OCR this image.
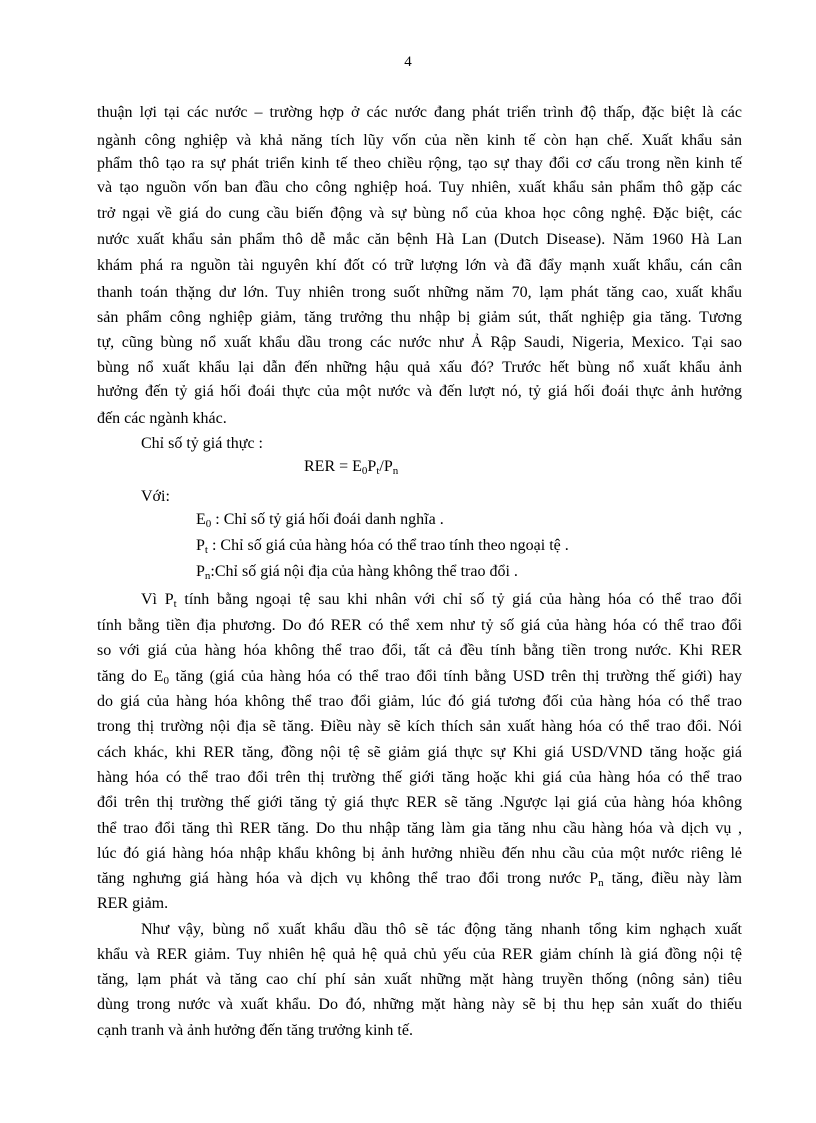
4
thuận lợi tại các nước – trường hợp ở các nước đang phát triển trình độ thấp, đặc biệt là các
ngành công nghiệp và khả năng tích lũy vốn của nền kinh tế còn hạn chế. Xuất khẩu sản
phẩm thô tạo ra sự phát triển kinh tế theo chiều rộng, tạo sự thay đổi cơ cấu trong nền kinh tế
và tạo nguồn vốn ban đầu cho công nghiệp hoá. Tuy nhiên, xuất khẩu sản phẩm thô gặp các
trở ngại về giá do cung cầu biến động và sự bùng nổ của khoa học công nghệ. Đặc biệt, các
nước xuất khẩu sản phẩm thô dễ mắc căn bệnh Hà Lan (Dutch Disease). Năm 1960 Hà Lan
khám phá ra nguồn tài nguyên khí đốt có trữ lượng lớn và đã đẩy mạnh xuất khẩu, cán cân
thanh toán thặng dư lớn. Tuy nhiên trong suốt những năm 70, lạm phát tăng cao, xuất khẩu
sản phẩm công nghiệp giảm, tăng trưởng thu nhập bị giảm sút, thất nghiệp gia tăng. Tương
tự, cũng bùng nổ xuất khẩu dầu trong các nước như Ả Rập Saudi, Nigeria, Mexico. Tại sao
bùng nổ xuất khẩu lại dẫn đến những hậu quả xấu đó? Trước hết bùng nổ xuất khẩu ảnh
hưởng đến tỷ giá hối đoái thực của một nước và đến lượt nó, tỷ giá hối đoái thực ảnh hưởng
đến các ngành khác.
Chỉ số tỷ giá thực :
RER = $E_0P_t/P_n$
Với:
$E_0$ : Chỉ số tỷ giá hối đoái danh nghĩa .
$P_t$ : Chỉ số giá của hàng hóa có thể trao tính theo ngoại tệ .
$P_n:Chỉ$ số giá nội địa của hàng không thể trao đổi .
Vì $P_t$ tính bằng ngoại tệ sau khi nhân với chỉ số tỷ giá của hàng hóa có thể trao đổi
tính bằng tiền địa phương. Do đó RER có thể xem như tỷ số giá của hàng hóa có thể trao đổi
so với giá của hàng hóa không thể trao đổi, tất cả đều tính bằng tiền trong nước. Khi RER
tăng do $E_0$ tăng (giá của hàng hóa có thể trao đổi tính bằng USD trên thị trường thế giới) hay
do giá của hàng hóa không thể trao đổi giảm, lúc đó giá tương đối của hàng hóa có thể trao
trong thị trường nội địa sẽ tăng. Điều này sẽ kích thích sản xuất hàng hóa có thể trao đổi. Nói
cách khác, khi RER tăng, đồng nội tệ sẽ giảm giá thực sự Khi giá USD/VND tăng hoặc giá
hàng hóa có thể trao đổi trên thị trường thế giới tăng hoặc khi giá của hàng hóa có thể trao
đổi trên thị trường thế giới tăng tỷ giá thực RER sẽ tăng .Ngược lại giá của hàng hóa không
thể trao đổi tăng thì RER tăng. Do thu nhập tăng làm gia tăng nhu cầu hàng hóa và dịch vụ ,
lúc đó giá hàng hóa nhập khẩu không bị ảnh hưởng nhiều đến nhu cầu của một nước riêng lẻ
tăng nghưng giá hàng hóa và dịch vụ không thể trao đổi trong nước $P_n$ tăng, điều này làm
RER giảm.
Như vậy, bùng nổ xuất khẩu dầu thô sẽ tác động tăng nhanh tổng kim nghạch xuất
khẩu và RER giảm. Tuy nhiên hệ quả hệ quả chủ yếu của RER giảm chính là giá đồng nội tệ
tăng, lạm phát và tăng cao chí phí sản xuất những mặt hàng truyền thống (nông sản) tiêu
dùng trong nước và xuất khẩu. Do đó, những mặt hàng này sẽ bị thu hẹp sản xuất do thiếu
cạnh tranh và ảnh hưởng đến tăng trưởng kinh tế.
